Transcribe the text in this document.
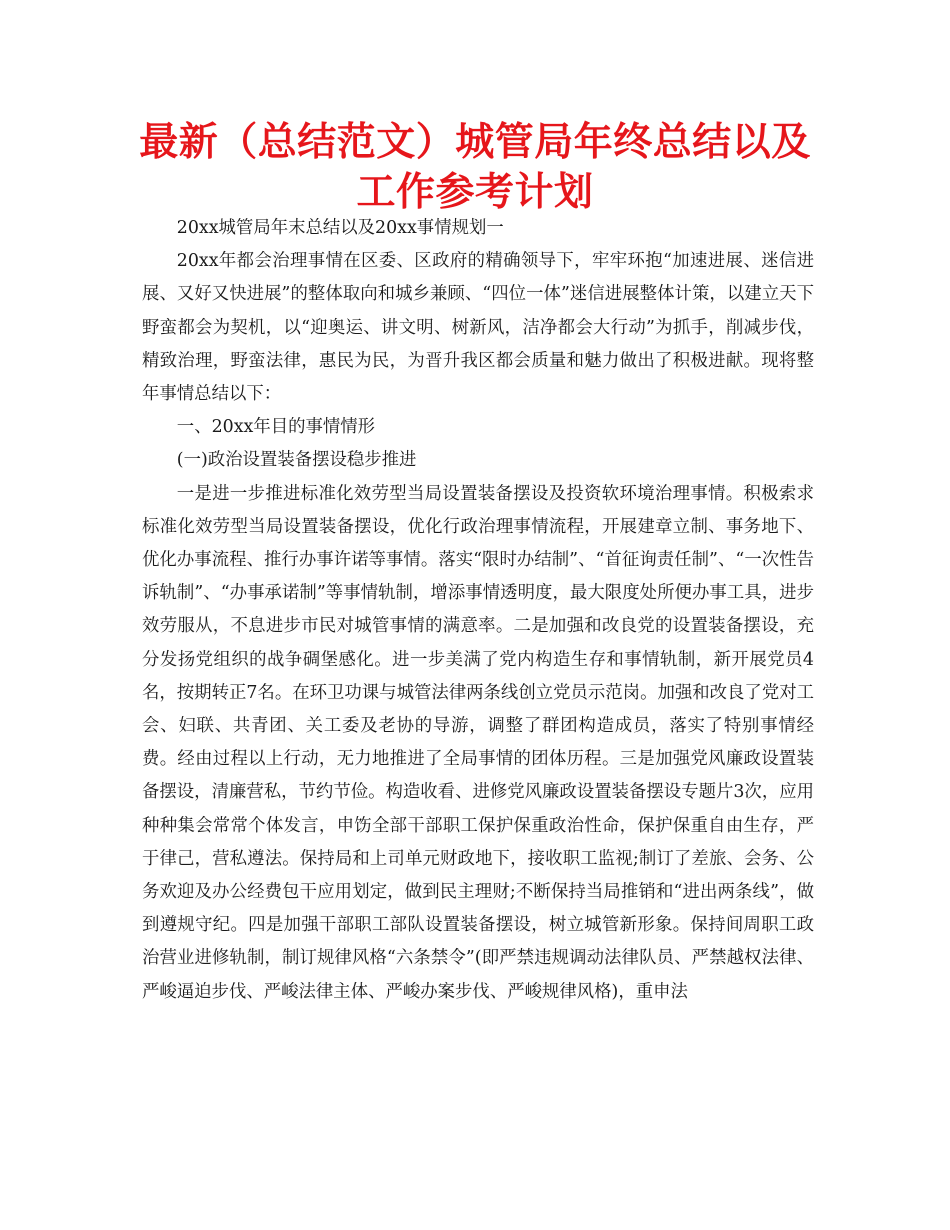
最新（总结范文）城管局年终总结以及工作参考计划

20xx城管局年末总结以及20xx事情规划一

20xx年都会治理事情在区委、区政府的精确领导下，牢牢环抱“加速进展、迷信进展、又好又快进展”的整体取向和城乡兼顾、“四位一体”迷信进展整体计策，以建立天下野蛮都会为契机，以“迎奥运、讲文明、树新风，洁净都会大行动”为抓手，削减步伐，精致治理，野蛮法律，惠民为民，为晋升我区都会质量和魅力做出了积极进献。现将整年事情总结以下：

一、20xx年目的事情情形

(一)政治设置装备摆设稳步推进

一是进一步推进标准化效劳型当局设置装备摆设及投资软环境治理事情。积极索求标准化效劳型当局设置装备摆设，优化行政治理事情流程，开展建章立制、事务地下、优化办事流程、推行办事许诺等事情。落实“限时办结制”、“首征询责任制”、“一次性告诉轨制”、“办事承诺制”等事情轨制，增添事情透明度，最大限度处所便办事工具，进步效劳服从，不息进步市民对城管事情的满意率。二是加强和改良党的设置装备摆设，充分发扬党组织的战争碉堡感化。进一步美满了党内构造生存和事情轨制，新开展党员4名，按期转正7名。在环卫功课与城管法律两条线创立党员示范岗。加强和改良了党对工会、妇联、共青团、关工委及老协的导游，调整了群团构造成员，落实了特别事情经费。经由过程以上行动，无力地推进了全局事情的团体历程。三是加强党风廉政设置装备摆设，清廉营私，节约节俭。构造收看、进修党风廉政设置装备摆设专题片3次，应用种种集会常常个体发言，申饬全部干部职工保护保重政治性命，保护保重自由生存，严于律己，营私遵法。保持局和上司单元财政地下，接收职工监视;制订了差旅、会务、公务欢迎及办公经费包干应用划定，做到民主理财;不断保持当局推销和“进出两条线”，做到遵规守纪。四是加强干部职工部队设置装备摆设，树立城管新形象。保持间周职工政治营业进修轨制，制订规律风格“六条禁令”(即严禁违规调动法律队员、严禁越权法律、严峻逼迫步伐、严峻法律主体、严峻办案步伐、严峻规律风格)，重申法
